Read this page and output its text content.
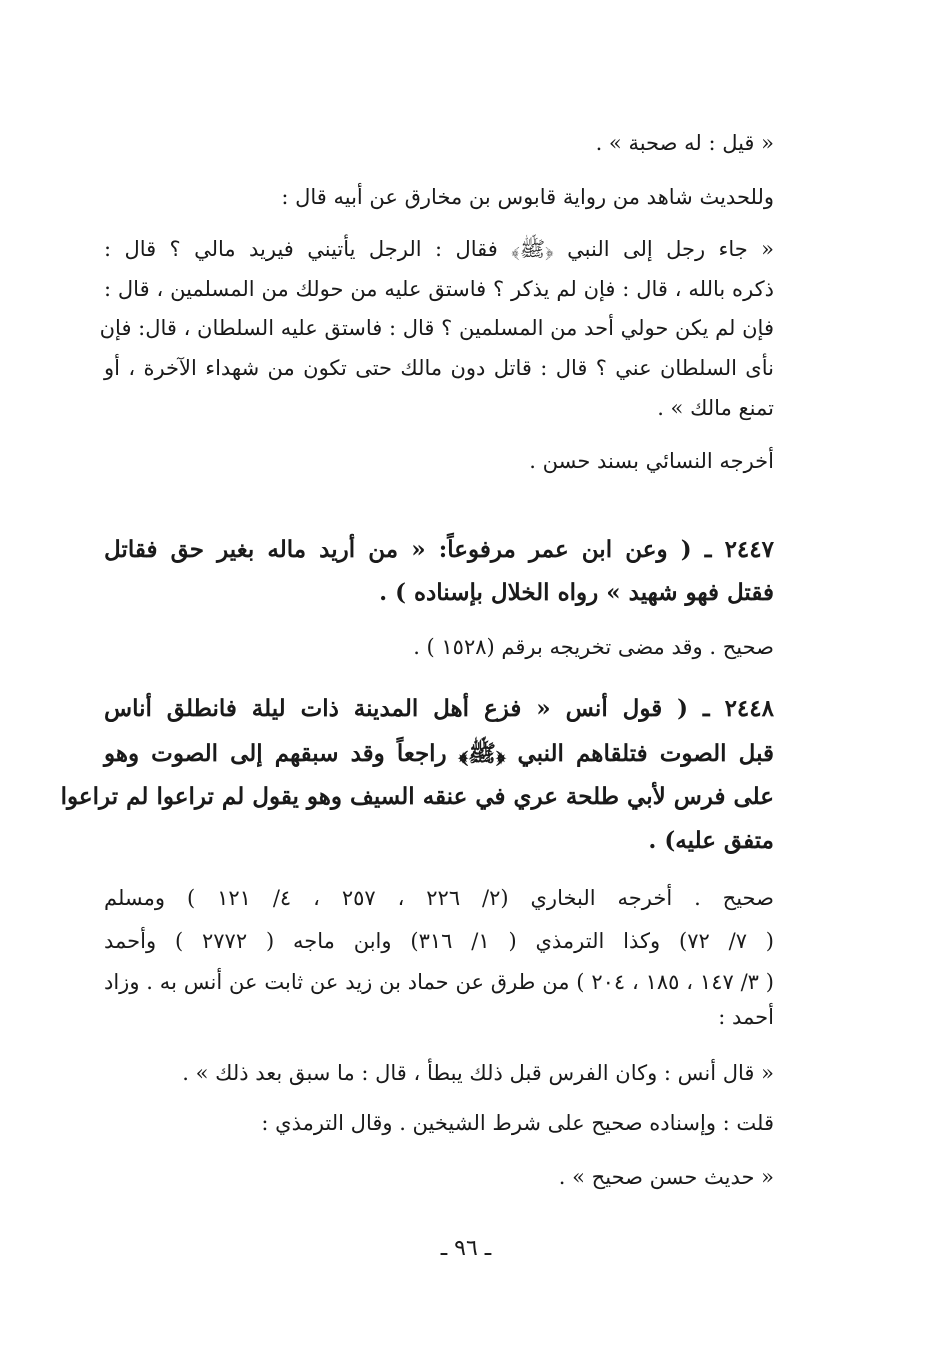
« قيل : له صحبة » .
وللحديث شاهد من رواية قابوس بن مخارق عن أبيه قال :
« جاء رجل إلى النبي ﴿ﷺ﴾ فقال : الرجل يأتيني فيريد مالي ؟ قال :
ذكره بالله ، قال : فإن لم يذكر ؟ فاستق عليه من حولك من المسلمين ، قال :
فإن لم يكن حولي أحد من المسلمين ؟ قال : فاستق عليه السلطان ، قال: فإن
نأى السلطان عني ؟ قال : قاتل دون مالك حتى تكون من شهداء الآخرة ، أو
تمنع مالك » .
أخرجه النسائي بسند حسن .
٢٤٤٧ ـ ( وعن ابن عمر مرفوعاً: « من أريد ماله بغير حق فقاتل
فقتل فهو شهيد » رواه الخلال بإسناده ) .
صحيح . وقد مضى تخريجه برقم (١٥٢٨ ) .
٢٤٤٨ ـ ( قول أنس « فزع أهل المدينة ذات ليلة فانطلق أناس
قبل الصوت فتلقاهم النبي ﴿ﷺ﴾ راجعاً وقد سبقهم إلى الصوت وهو
على فرس لأبي طلحة عري في عنقه السيف وهو يقول لم تراعوا لم تراعوا
متفق عليه) .
صحيح . أخرجه البخاري (٢/ ٢٢٦ ، ٢٥٧ ، ٤/ ١٢١ ) ومسلم
( ٧/ ٧٢) وكذا الترمذي ( ١/ ٣١٦) وابن ماجه ( ٢٧٧٢ ) وأحمد
( ٣/ ١٤٧ ، ١٨٥ ، ٢٠٤ ) من طرق عن حماد بن زيد عن ثابت عن أنس به . وزاد
أحمد :
« قال أنس : وكان الفرس قبل ذلك يبطأ ، قال : ما سبق بعد ذلك » .
قلت : وإسناده صحيح على شرط الشيخين . وقال الترمذي :
« حديث حسن صحيح » .
ـ ٩٦ ـ
